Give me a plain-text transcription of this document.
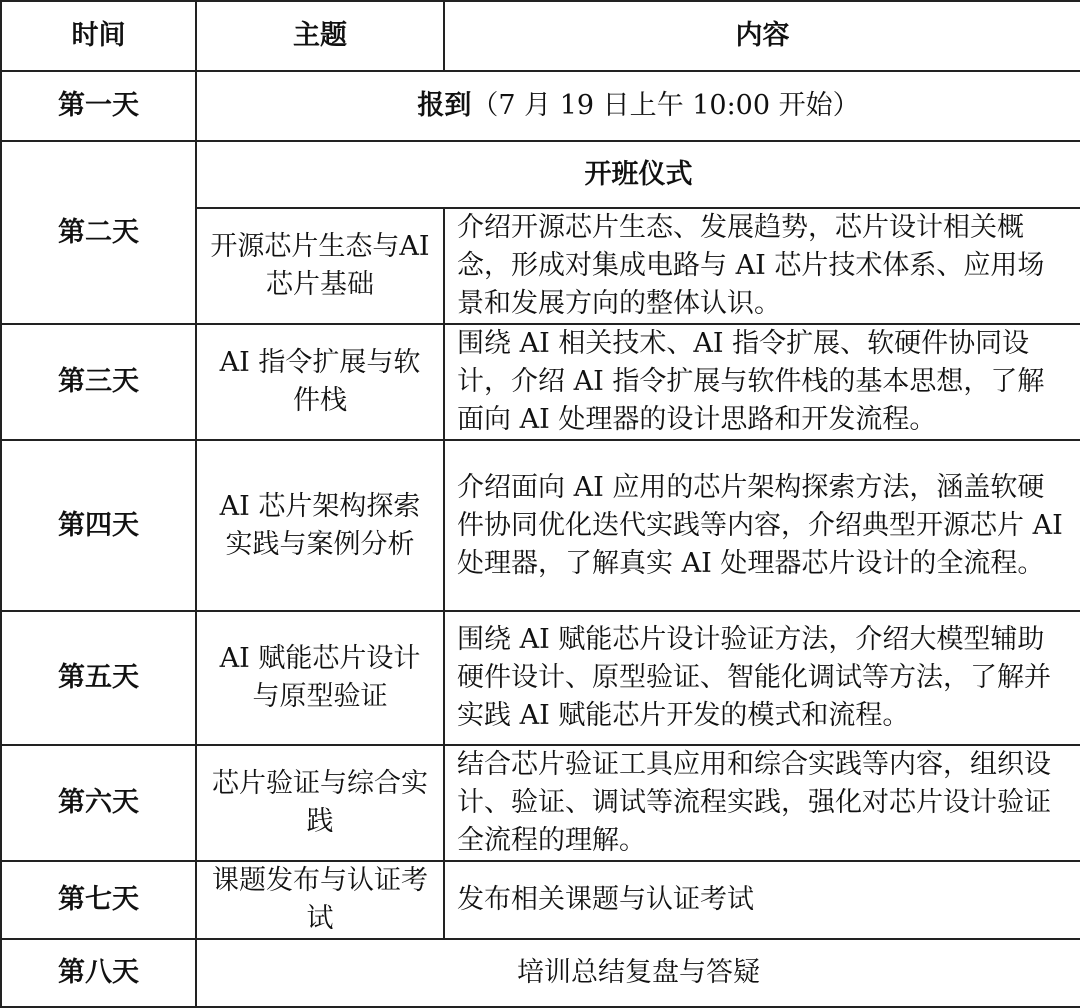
时间	主题	内容
第一天	报到（7 月 19 日上午 10:00 开始）	
第二天	开班仪式	
	开源芯片生态与AI 芯片基础	介绍开源芯片生态、发展趋势，芯片设计相关概念，形成对集成电路与 AI 芯片技术体系、应用场景和发展方向的整体认识。
第三天	AI 指令扩展与软件栈	围绕 AI 相关技术、AI 指令扩展、软硬件协同设计，介绍 AI 指令扩展与软件栈的基本思想，了解面向 AI 处理器的设计思路和开发流程。
第四天	AI 芯片架构探索实践与案例分析	介绍面向 AI 应用的芯片架构探索方法，涵盖软硬件协同优化迭代实践等内容，介绍典型开源芯片 AI 处理器，了解真实 AI 处理器芯片设计的全流程。
第五天	AI 赋能芯片设计与原型验证	围绕 AI 赋能芯片设计验证方法，介绍大模型辅助硬件设计、原型验证、智能化调试等方法，了解并实践 AI 赋能芯片开发的模式和流程。
第六天	芯片验证与综合实践	结合芯片验证工具应用和综合实践等内容，组织设计、验证、调试等流程实践，强化对芯片设计验证全流程的理解。
第七天	课题发布与认证考试	发布相关课题与认证考试
第八天	培训总结复盘与答疑	
